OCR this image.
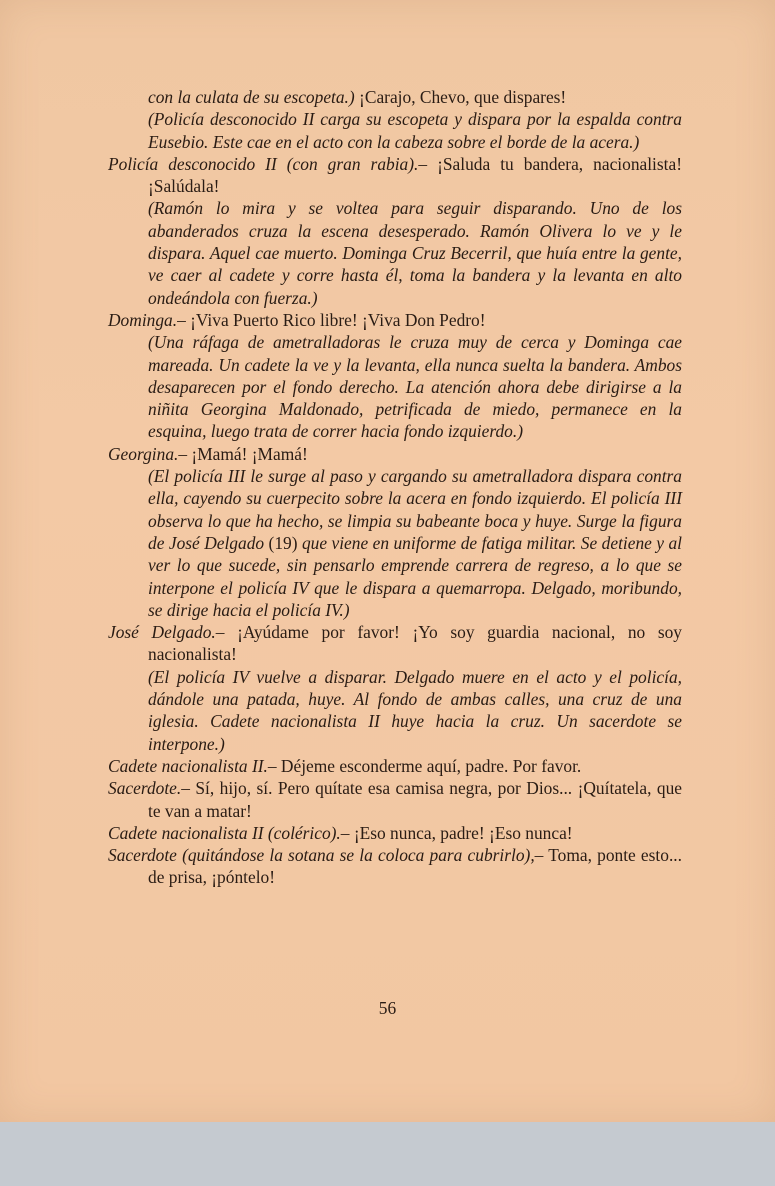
con la culata de su escopeta.) ¡Carajo, Chevo, que dispares!

(Policía desconocido II carga su escopeta y dispara por la espalda contra Eusebio. Este cae en el acto con la cabeza sobre el borde de la acera.)

Policía desconocido II (con gran rabia).– ¡Saluda tu bandera, nacionalista! ¡Salúdala!

(Ramón lo mira y se voltea para seguir disparando. Uno de los abanderados cruza la escena desesperado. Ramón Olivera lo ve y le dispara. Aquel cae muerto. Dominga Cruz Becerril, que huía entre la gente, ve caer al cadete y corre hasta él, toma la bandera y la levanta en alto ondeándola con fuerza.)

Dominga.– ¡Viva Puerto Rico libre! ¡Viva Don Pedro!

(Una ráfaga de ametralladoras le cruza muy de cerca y Dominga cae mareada. Un cadete la ve y la levanta, ella nunca suelta la bandera. Ambos desaparecen por el fondo derecho. La atención ahora debe dirigirse a la niñita Georgina Maldonado, petrificada de miedo, permanece en la esquina, luego trata de correr hacia fondo izquierdo.)

Georgina.– ¡Mamá! ¡Mamá!

(El policía III le surge al paso y cargando su ametralladora dispara contra ella, cayendo su cuerpecito sobre la acera en fondo izquierdo. El policía III observa lo que ha hecho, se limpia su babeante boca y huye. Surge la figura de José Delgado (19) que viene en uniforme de fatiga militar. Se detiene y al ver lo que sucede, sin pensarlo emprende carrera de regreso, a lo que se interpone el policía IV que le dispara a quemarropa. Delgado, moribundo, se dirige hacia el policía IV.)

José Delgado.– ¡Ayúdame por favor! ¡Yo soy guardia nacional, no soy nacionalista!

(El policía IV vuelve a disparar. Delgado muere en el acto y el policía, dándole una patada, huye. Al fondo de ambas calles, una cruz de una iglesia. Cadete nacionalista II huye hacia la cruz. Un sacerdote se interpone.)

Cadete nacionalista II.– Déjeme esconderme aquí, padre. Por favor.

Sacerdote.– Sí, hijo, sí. Pero quítate esa camisa negra, por Dios... ¡Quítatela, que te van a matar!

Cadete nacionalista II (colérico).– ¡Eso nunca, padre! ¡Eso nunca!

Sacerdote (quitándose la sotana se la coloca para cubrirlo),– Toma, ponte esto... de prisa, ¡póntelo!

56
